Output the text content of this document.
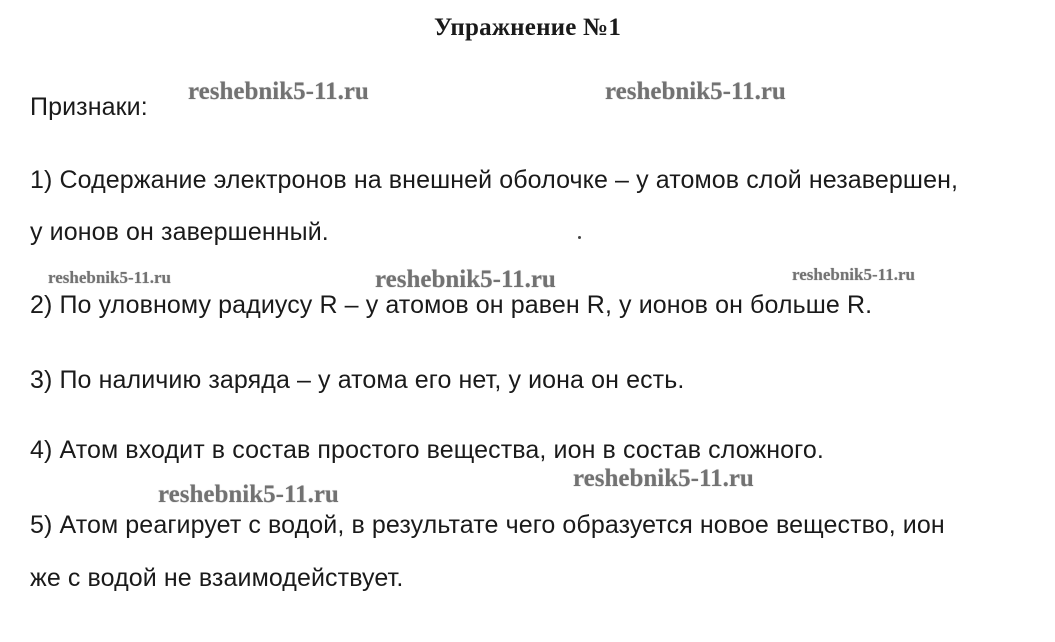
Упражнение №1
Признаки:
1) Содержание электронов на внешней оболочке – у атомов слой незавершен,
у ионов он завершенный.
2) По уловному радиусу R – у атомов он равен R, у ионов он больше R.
3) По наличию заряда – у атома его нет, у иона он есть.
4) Атом входит в состав простого вещества, ион в состав сложного.
5) Атом реагирует с водой, в результате чего образуется новое вещество, ион
же с водой не взаимодействует.
reshebnik5-11.ru	reshebnik5-11.ru
reshebnik5-11.ru	reshebnik5-11.ru	reshebnik5-11.ru
reshebnik5-11.ru
reshebnik5-11.ru
